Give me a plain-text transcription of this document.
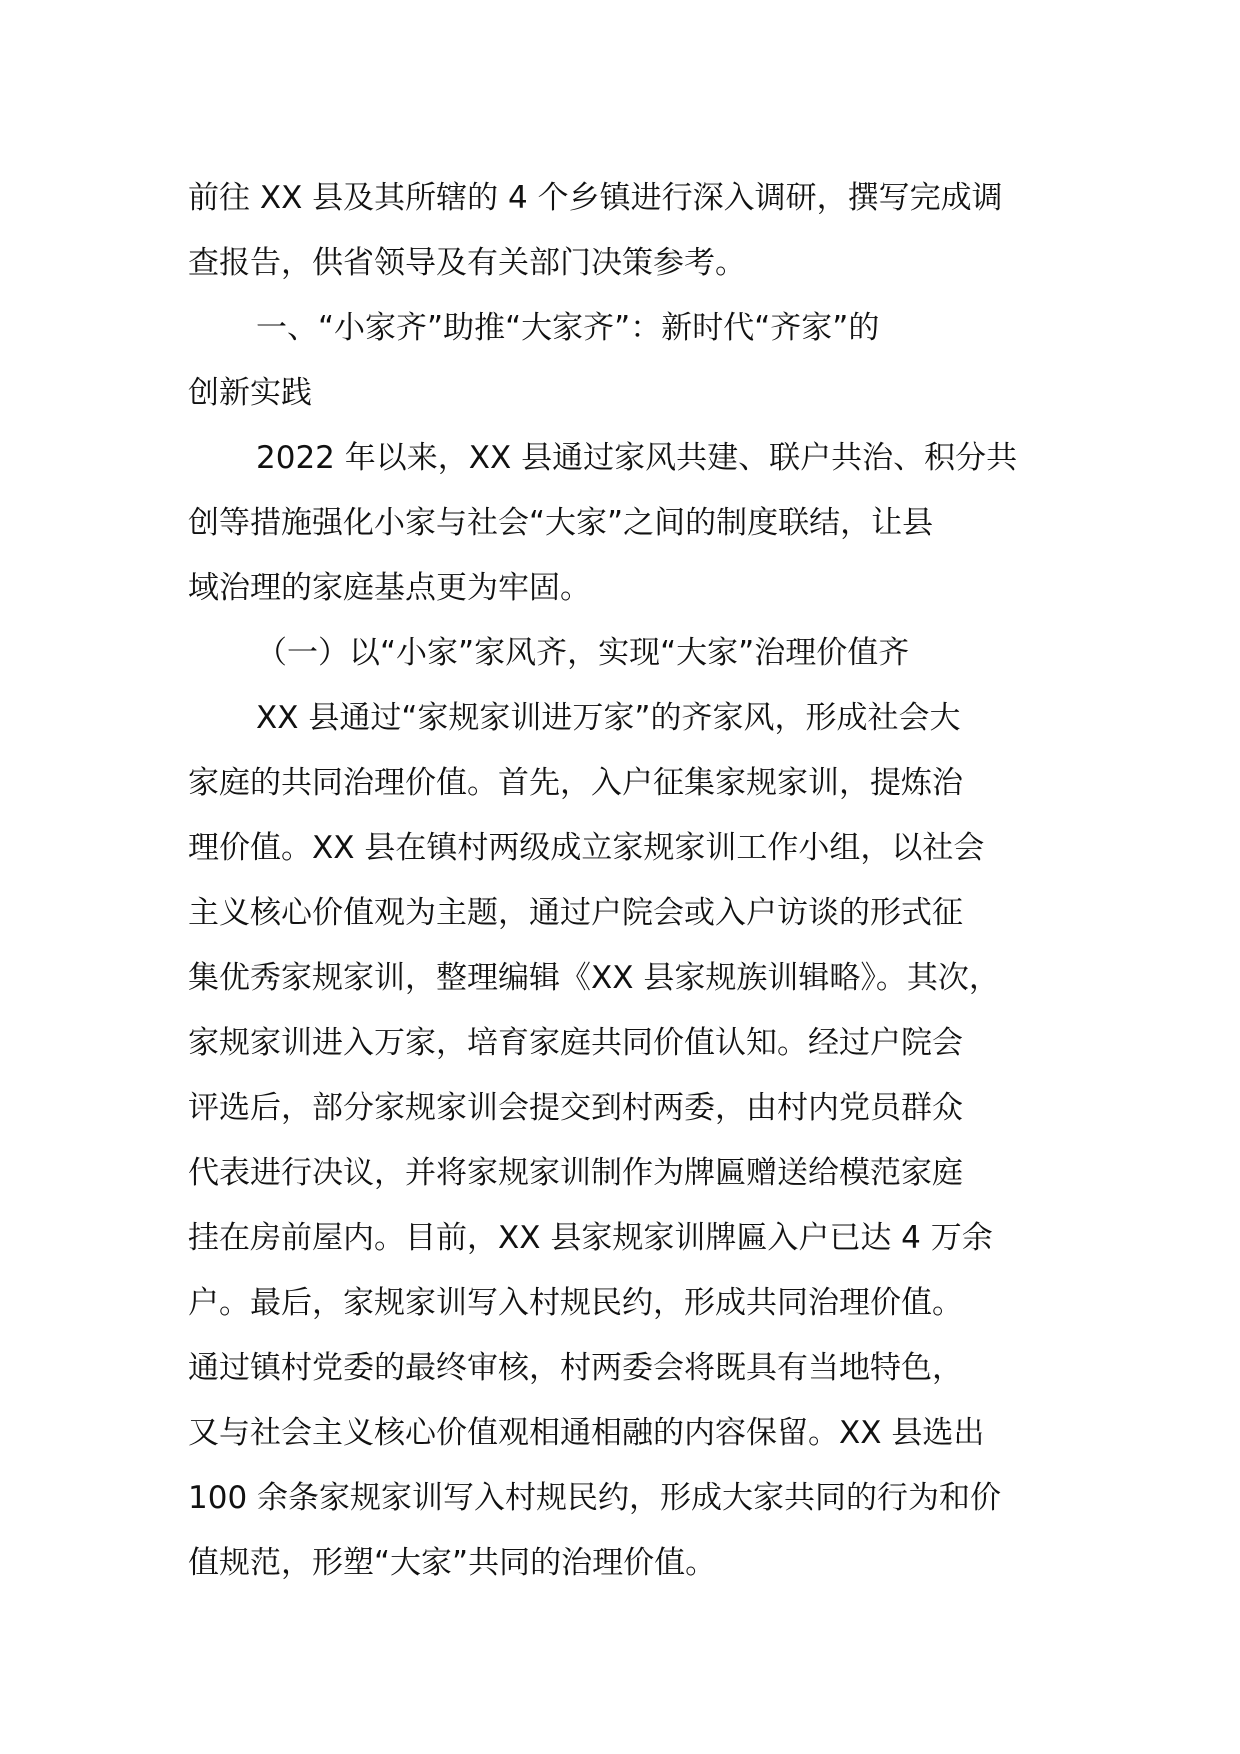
前往 XX 县及其所辖的 4 个乡镇进行深入调研，撰写完成调
查报告，供省领导及有关部门决策参考。
一、“小家齐”助推“大家齐”：新时代“齐家”的
创新实践
2022 年以来，XX 县通过家风共建、联户共治、积分共
创等措施强化小家与社会“大家”之间的制度联结，让县
域治理的家庭基点更为牢固。
（一）以“小家”家风齐，实现“大家”治理价值齐
XX 县通过“家规家训进万家”的齐家风，形成社会大
家庭的共同治理价值。首先，入户征集家规家训，提炼治
理价值。XX 县在镇村两级成立家规家训工作小组，以社会
主义核心价值观为主题，通过户院会或入户访谈的形式征
集优秀家规家训，整理编辑《XX 县家规族训辑略》。其次，
家规家训进入万家，培育家庭共同价值认知。经过户院会
评选后，部分家规家训会提交到村两委，由村内党员群众
代表进行决议，并将家规家训制作为牌匾赠送给模范家庭
挂在房前屋内。目前，XX 县家规家训牌匾入户已达 4 万余
户。最后，家规家训写入村规民约，形成共同治理价值。
通过镇村党委的最终审核，村两委会将既具有当地特色，
又与社会主义核心价值观相通相融的内容保留。XX 县选出
100 余条家规家训写入村规民约，形成大家共同的行为和价
值规范，形塑“大家”共同的治理价值。
